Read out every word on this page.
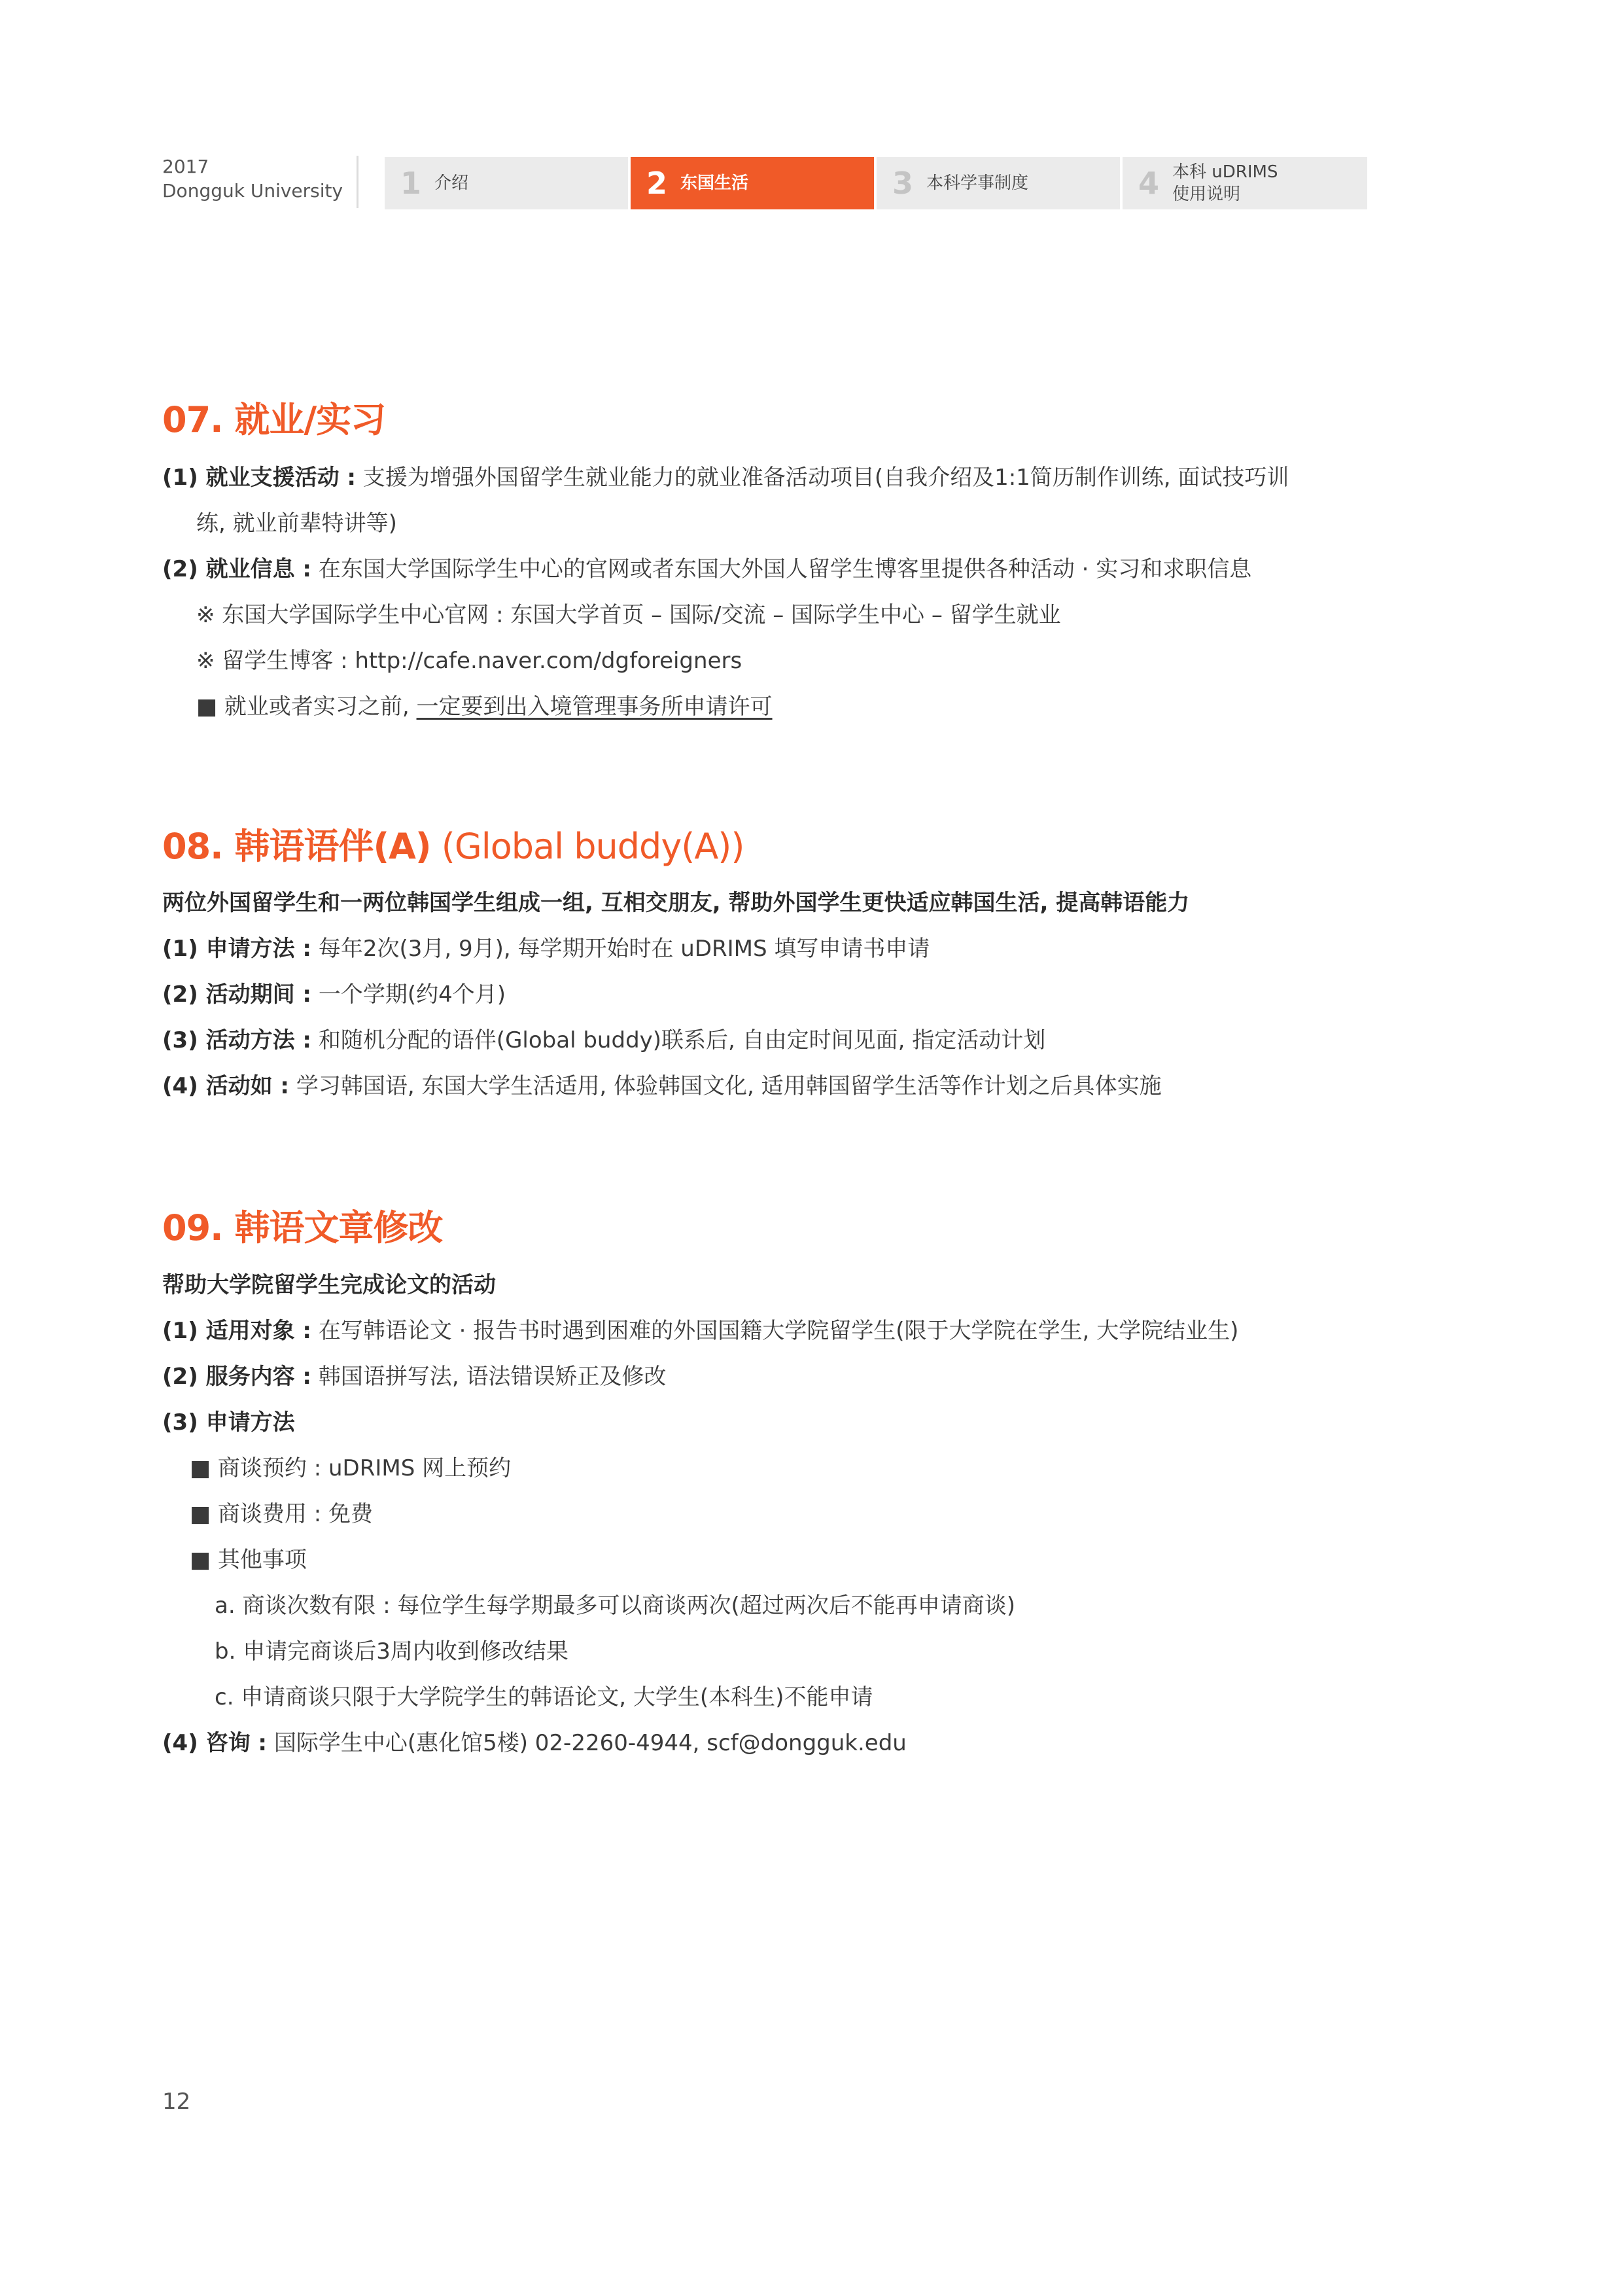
2017
Dongguk University 1 介绍	2 东国生活	3 本科学事制度	4 本科 uDRIMS
使用说明
07. 就业/实习
(1) 就业支援活动 : 支援为增强外国留学生就业能力的就业准备活动项目(自我介绍及1:1简历制作训练, 面试技巧训
练, 就业前辈特讲等)
(2) 就业信息 : 在东国大学国际学生中心的官网或者东国大外国人留学生博客里提供各种活动 · 实习和求职信息
※ 东国大学国际学生中心官网 : 东国大学首页 – 国际/交流 – 国际学生中心 – 留学生就业
※ 留学生博客 : http://cafe.naver.com/dgforeigners
■ 就业或者实习之前, 一定要到出入境管理事务所申请许可
08. 韩语语伴(A) (Global buddy(A))
两位外国留学生和一两位韩国学生组成一组, 互相交朋友, 帮助外国学生更快适应韩国生活, 提高韩语能力
(1) 申请方法 : 每年2次(3月, 9月), 每学期开始时在 uDRIMS 填写申请书申请
(2) 活动期间 : 一个学期(约4个月)
(3) 活动方法 : 和随机分配的语伴(Global buddy)联系后, 自由定时间见面, 指定活动计划
(4) 活动如 : 学习韩国语, 东国大学生活适用, 体验韩国文化, 适用韩国留学生活等作计划之后具体实施
09. 韩语文章修改
帮助大学院留学生完成论文的活动
(1) 适用对象 : 在写韩语论文 · 报告书时遇到困难的外国国籍大学院留学生(限于大学院在学生, 大学院结业生)
(2) 服务内容 : 韩国语拼写法, 语法错误矫正及修改
(3) 申请方法
■ 商谈预约 : uDRIMS 网上预约
■ 商谈费用 : 免费
■ 其他事项
a. 商谈次数有限 : 每位学生每学期最多可以商谈两次(超过两次后不能再申请商谈)
b. 申请完商谈后3周内收到修改结果
c. 申请商谈只限于大学院学生的韩语论文, 大学生(本科生)不能申请
(4) 咨询 : 国际学生中心(惠化馆5楼) 02-2260-4944, scf@dongguk.edu
12
